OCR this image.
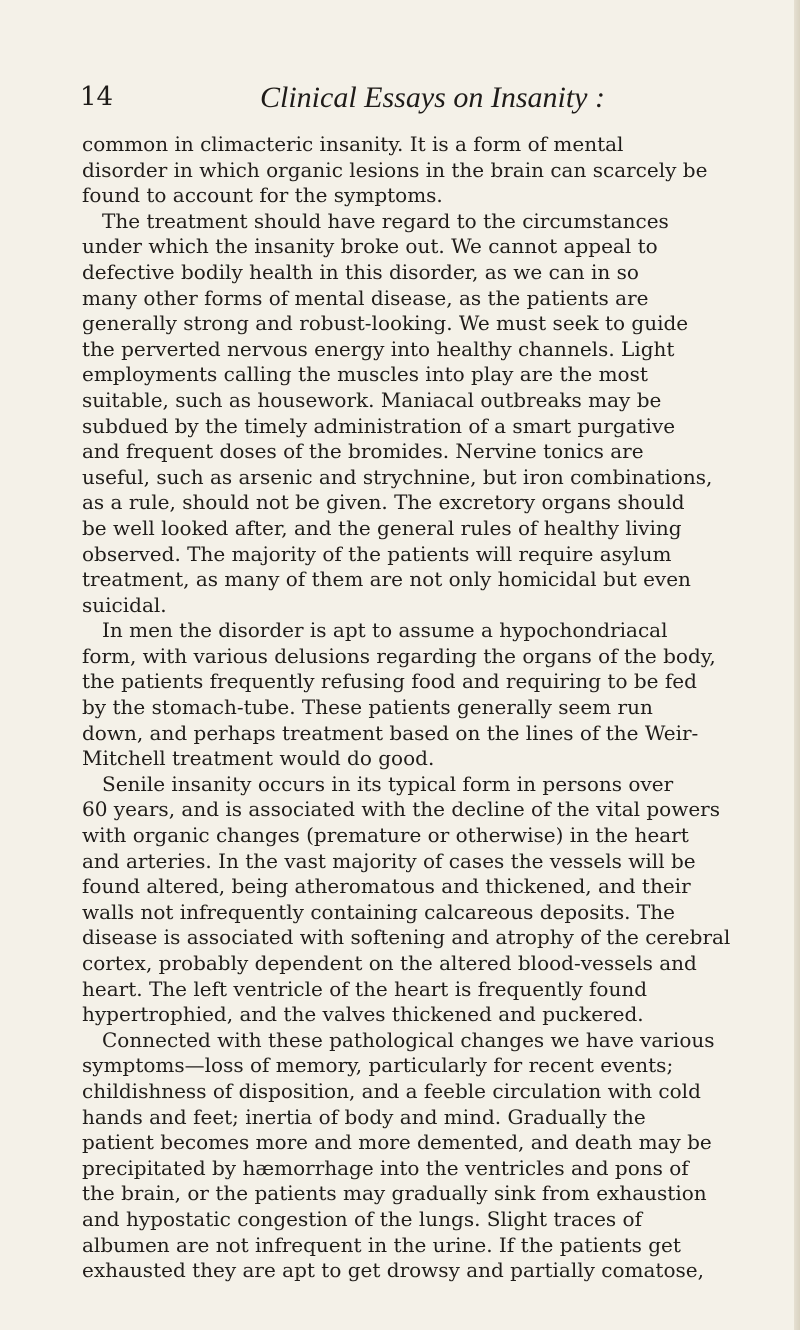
14	Clinical Essays on Insanity :
common in climacteric insanity. It is a form of mental
disorder in which organic lesions in the brain can scarcely be
found to account for the symptoms.
The treatment should have regard to the circumstances
under which the insanity broke out. We cannot appeal to
defective bodily health in this disorder, as we can in so
many other forms of mental disease, as the patients are
generally strong and robust-looking. We must seek to guide
the perverted nervous energy into healthy channels. Light
employments calling the muscles into play are the most
suitable, such as housework. Maniacal outbreaks may be
subdued by the timely administration of a smart purgative
and frequent doses of the bromides. Nervine tonics are
useful, such as arsenic and strychnine, but iron combinations,
as a rule, should not be given. The excretory organs should
be well looked after, and the general rules of healthy living
observed. The majority of the patients will require asylum
treatment, as many of them are not only homicidal but even
suicidal.
In men the disorder is apt to assume a hypochondriacal
form, with various delusions regarding the organs of the body,
the patients frequently refusing food and requiring to be fed
by the stomach-tube. These patients generally seem run
down, and perhaps treatment based on the lines of the Weir-
Mitchell treatment would do good.
Senile insanity occurs in its typical form in persons over
60 years, and is associated with the decline of the vital powers
with organic changes (premature or otherwise) in the heart
and arteries. In the vast majority of cases the vessels will be
found altered, being atheromatous and thickened, and their
walls not infrequently containing calcareous deposits. The
disease is associated with softening and atrophy of the cerebral
cortex, probably dependent on the altered blood-vessels and
heart. The left ventricle of the heart is frequently found
hypertrophied, and the valves thickened and puckered.
Connected with these pathological changes we have various
symptoms—loss of memory, particularly for recent events;
childishness of disposition, and a feeble circulation with cold
hands and feet; inertia of body and mind. Gradually the
patient becomes more and more demented, and death may be
precipitated by hæmorrhage into the ventricles and pons of
the brain, or the patients may gradually sink from exhaustion
and hypostatic congestion of the lungs. Slight traces of
albumen are not infrequent in the urine. If the patients get
exhausted they are apt to get drowsy and partially comatose,
